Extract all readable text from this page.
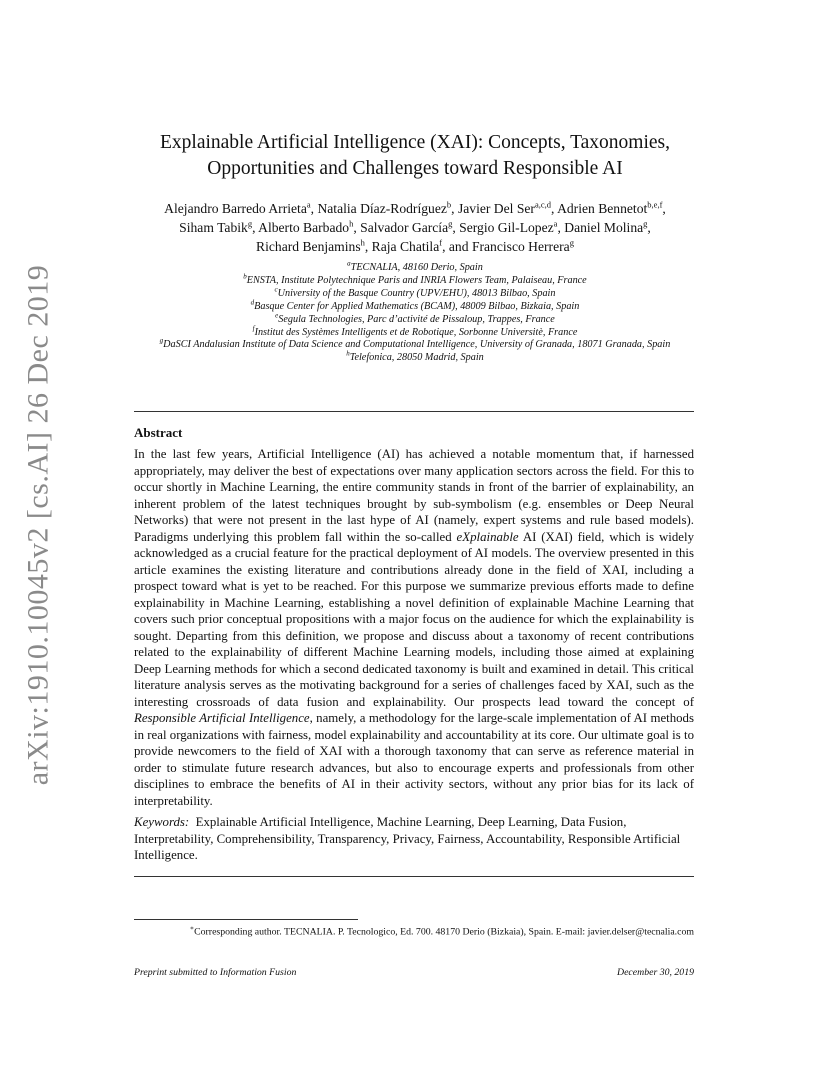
arXiv:1910.10045v2 [cs.AI] 26 Dec 2019
Explainable Artificial Intelligence (XAI): Concepts, Taxonomies,
Opportunities and Challenges toward Responsible AI
Alejandro Barredo Arrieta$^a$, Natalia Díaz-Rodríguez$^b$, Javier Del Ser$^{a,c,d}$, Adrien Bennetot$^{b,e,f}$,
Siham Tabik$^g$, Alberto Barbado$^h$, Salvador García$^g$, Sergio Gil-Lopez$^a$, Daniel Molina$^g$,
Richard Benjamins$^h$, Raja Chatila$^f$, and Francisco Herrera$^g$
$^a$TECNALIA, 48160 Derio, Spain
$^b$ENSTA, Institute Polytechnique Paris and INRIA Flowers Team, Palaiseau, France
$^c$University of the Basque Country (UPV/EHU), 48013 Bilbao, Spain
$^d$Basque Center for Applied Mathematics (BCAM), 48009 Bilbao, Bizkaia, Spain
$^e$Segula Technologies, Parc d’activité de Pissaloup, Trappes, France
$^f$Institut des Systèmes Intelligents et de Robotique, Sorbonne Universitè, France
$^g$DaSCI Andalusian Institute of Data Science and Computational Intelligence, University of Granada, 18071 Granada, Spain
$^h$Telefonica, 28050 Madrid, Spain
Abstract
In the last few years, Artificial Intelligence (AI) has achieved a notable momentum that, if harnessed appropriately, may deliver the best of expectations over many application sectors across the field. For this to occur shortly in Machine Learning, the entire community stands in front of the barrier of explainability, an inherent problem of the latest techniques brought by sub-symbolism (e.g. ensembles or Deep Neural Networks) that were not present in the last hype of AI (namely, expert systems and rule based models). Paradigms underlying this problem fall within the so-called eXplainable AI (XAI) field, which is widely acknowledged as a crucial feature for the practical deployment of AI models. The overview presented in this article examines the existing literature and contributions already done in the field of XAI, including a prospect toward what is yet to be reached. For this purpose we summarize previous efforts made to define explainability in Machine Learning, establishing a novel definition of explainable Machine Learning that covers such prior conceptual propositions with a major focus on the audience for which the explainability is sought. Departing from this definition, we propose and discuss about a taxonomy of recent contributions related to the explainability of different Machine Learning models, including those aimed at explaining Deep Learning methods for which a second dedicated taxonomy is built and examined in detail. This critical literature analysis serves as the motivating background for a series of challenges faced by XAI, such as the interesting crossroads of data fusion and explainability. Our prospects lead toward the concept of Responsible Artificial Intelligence, namely, a methodology for the large-scale implementation of AI methods in real organizations with fairness, model explainability and accountability at its core. Our ultimate goal is to provide newcomers to the field of XAI with a thorough taxonomy that can serve as reference material in order to stimulate future research advances, but also to encourage experts and professionals from other disciplines to embrace the benefits of AI in their activity sectors, without any prior bias for its lack of interpretability.
Keywords: Explainable Artificial Intelligence, Machine Learning, Deep Learning, Data Fusion, Interpretability, Comprehensibility, Transparency, Privacy, Fairness, Accountability, Responsible Artificial Intelligence.
∗Corresponding author. TECNALIA. P. Tecnologico, Ed. 700. 48170 Derio (Bizkaia), Spain. E-mail: javier.delser@tecnalia.com
Preprint submitted to Information Fusion	December 30, 2019
